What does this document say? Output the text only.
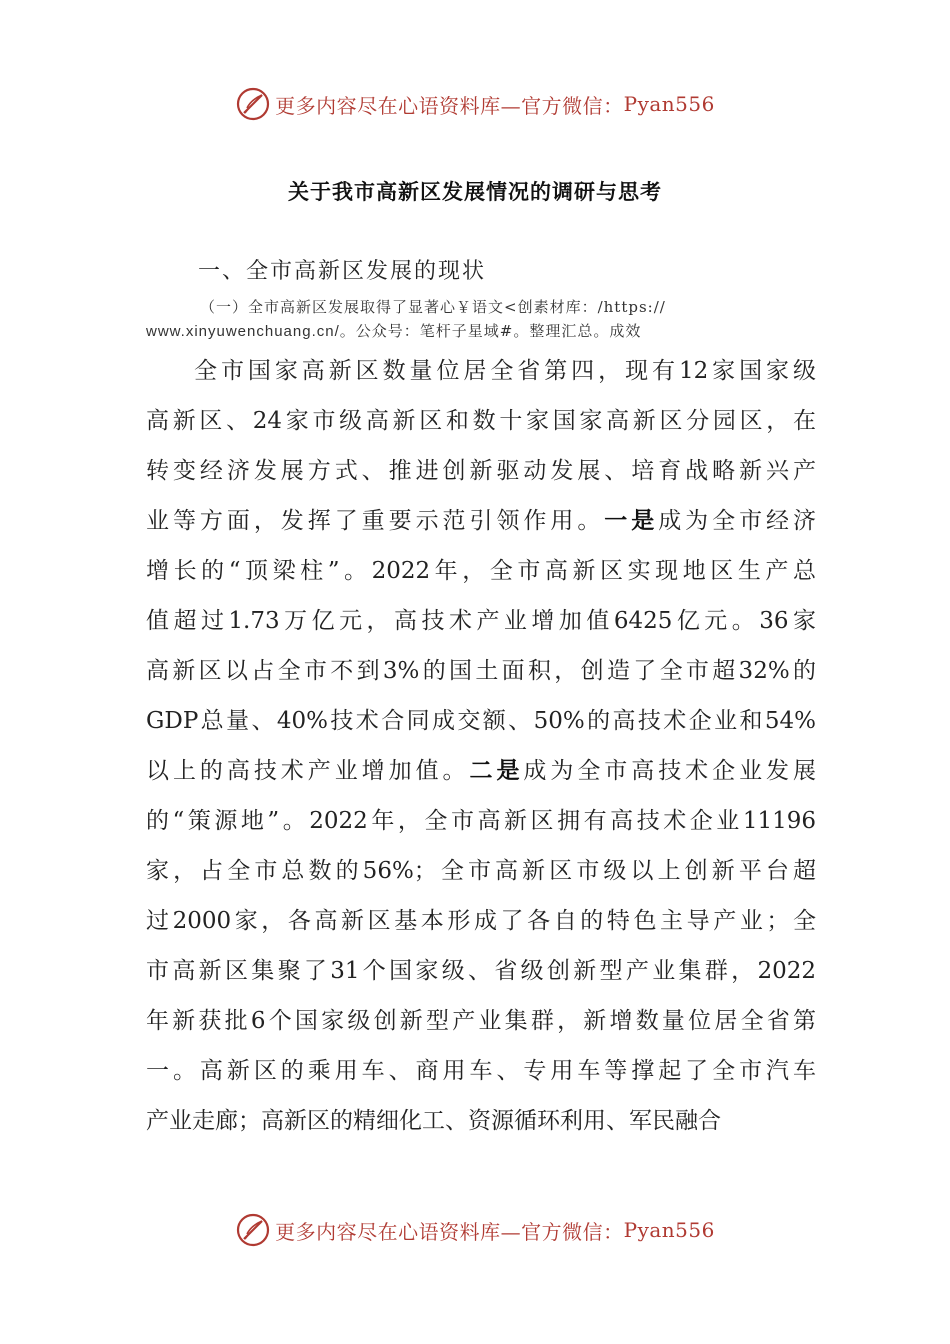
更多内容尽在心语资料库—官方微信： Pyan556
关于我市高新区发展情况的调研与思考
一、全市高新区发展的现状
（一）全市高新区发展取得了显著心￥语文<创素材库：/https://
www.xinyuwenchuang.cn/。公众号：笔杆子星域#。整理汇总。成效
全市国家高新区数量位居全省第四，现有12家国家级
高新区、24家市级高新区和数十家国家高新区分园区，在
转变经济发展方式、推进创新驱动发展、培育战略新兴产
业等方面，发挥了重要示范引领作用。一是成为全市经济
增长的“顶梁柱”。2022年，全市高新区实现地区生产总
值超过1.73万亿元，高技术产业增加值6425亿元。36家
高新区以占全市不到3%的国土面积，创造了全市超32%的
GDP总量、40%技术合同成交额、50%的高技术企业和54%
以上的高技术产业增加值。二是成为全市高技术企业发展
的“策源地”。2022年，全市高新区拥有高技术企业11196
家，占全市总数的56%；全市高新区市级以上创新平台超
过2000家，各高新区基本形成了各自的特色主导产业；全
市高新区集聚了31个国家级、省级创新型产业集群，2022
年新获批6个国家级创新型产业集群，新增数量位居全省第
一。高新区的乘用车、商用车、专用车等撑起了全市汽车
产业走廊；高新区的精细化工、资源循环利用、军民融合
更多内容尽在心语资料库—官方微信： Pyan556
